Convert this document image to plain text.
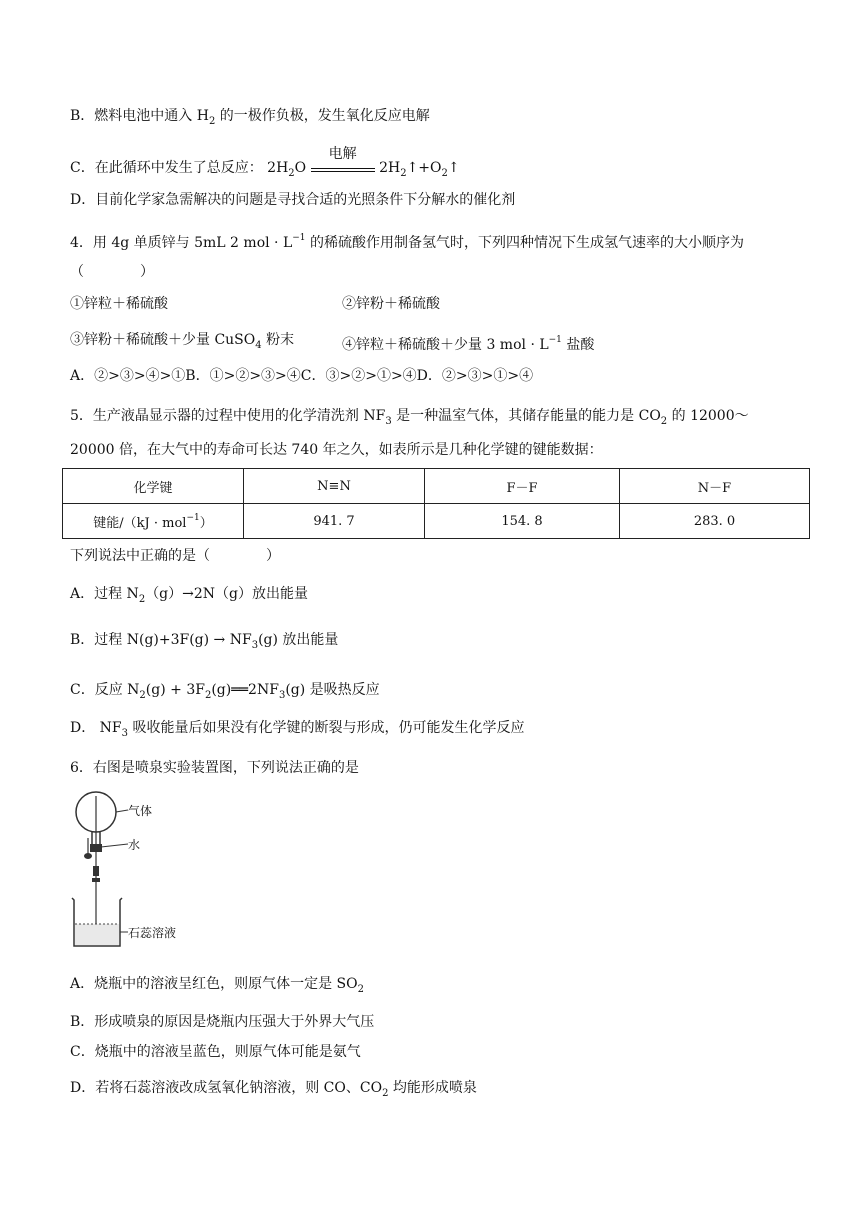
B．燃料电池中通入 $H_2$ 的一极作负极，发生氧化反应电解
C．在此循环中发生了总反应： $2H_2O$
电解
$2H_2↑+O_2↑$
D．目前化学家急需解决的问题是寻找合适的光照条件下分解水的催化剂
4．用 4g 单质锌与 5mL 2 mol · $L^{-1}$ 的稀硫酸作用制备氢气时，下列四种情况下生成氢气速率的大小顺序为
（　　　　）
①锌粒＋稀硫酸	②锌粉＋稀硫酸
③锌粉＋稀硫酸＋少量 CuSO$_4$ 粉末	④锌粒＋稀硫酸＋少量 3 mol · $L^{-1}$ 盐酸
A．②>③>④>①B．①>②>③>④C．③>②>①>④D．②>③>①>④
5．生产液晶显示器的过程中使用的化学清洗剂 $NF_3$ 是一种温室气体，其储存能量的能力是 $CO_2$ 的 12000～
20000 倍，在大气中的寿命可长达 740 年之久，如表所示是几种化学键的键能数据：
化学键	N≡N	F－F	N－F
键能/（kJ · mol$^{-1}$）	941. 7	154. 8	283. 0
下列说法中正确的是（　　　　）
A．过程 $N_2(g)\to 2N(g)$放出能量
B．过程 $N(g)+3F(g) \to NF_3(g)$ 放出能量
C．反应 $N_2(g)$ + $3F_2(g)══2NF_3(g)$ 是吸热反应
D． $NF_3$ 吸收能量后如果没有化学键的断裂与形成，仍可能发生化学反应
6．右图是喷泉实验装置图，下列说法正确的是
气体
水
石蕊溶液
A．烧瓶中的溶液呈红色，则原气体一定是 $SO_2$
B．形成喷泉的原因是烧瓶内压强大于外界大气压
C．烧瓶中的溶液呈蓝色，则原气体可能是氨气
D．若将石蕊溶液改成氢氧化钠溶液，则 CO、$CO_2$ 均能形成喷泉
